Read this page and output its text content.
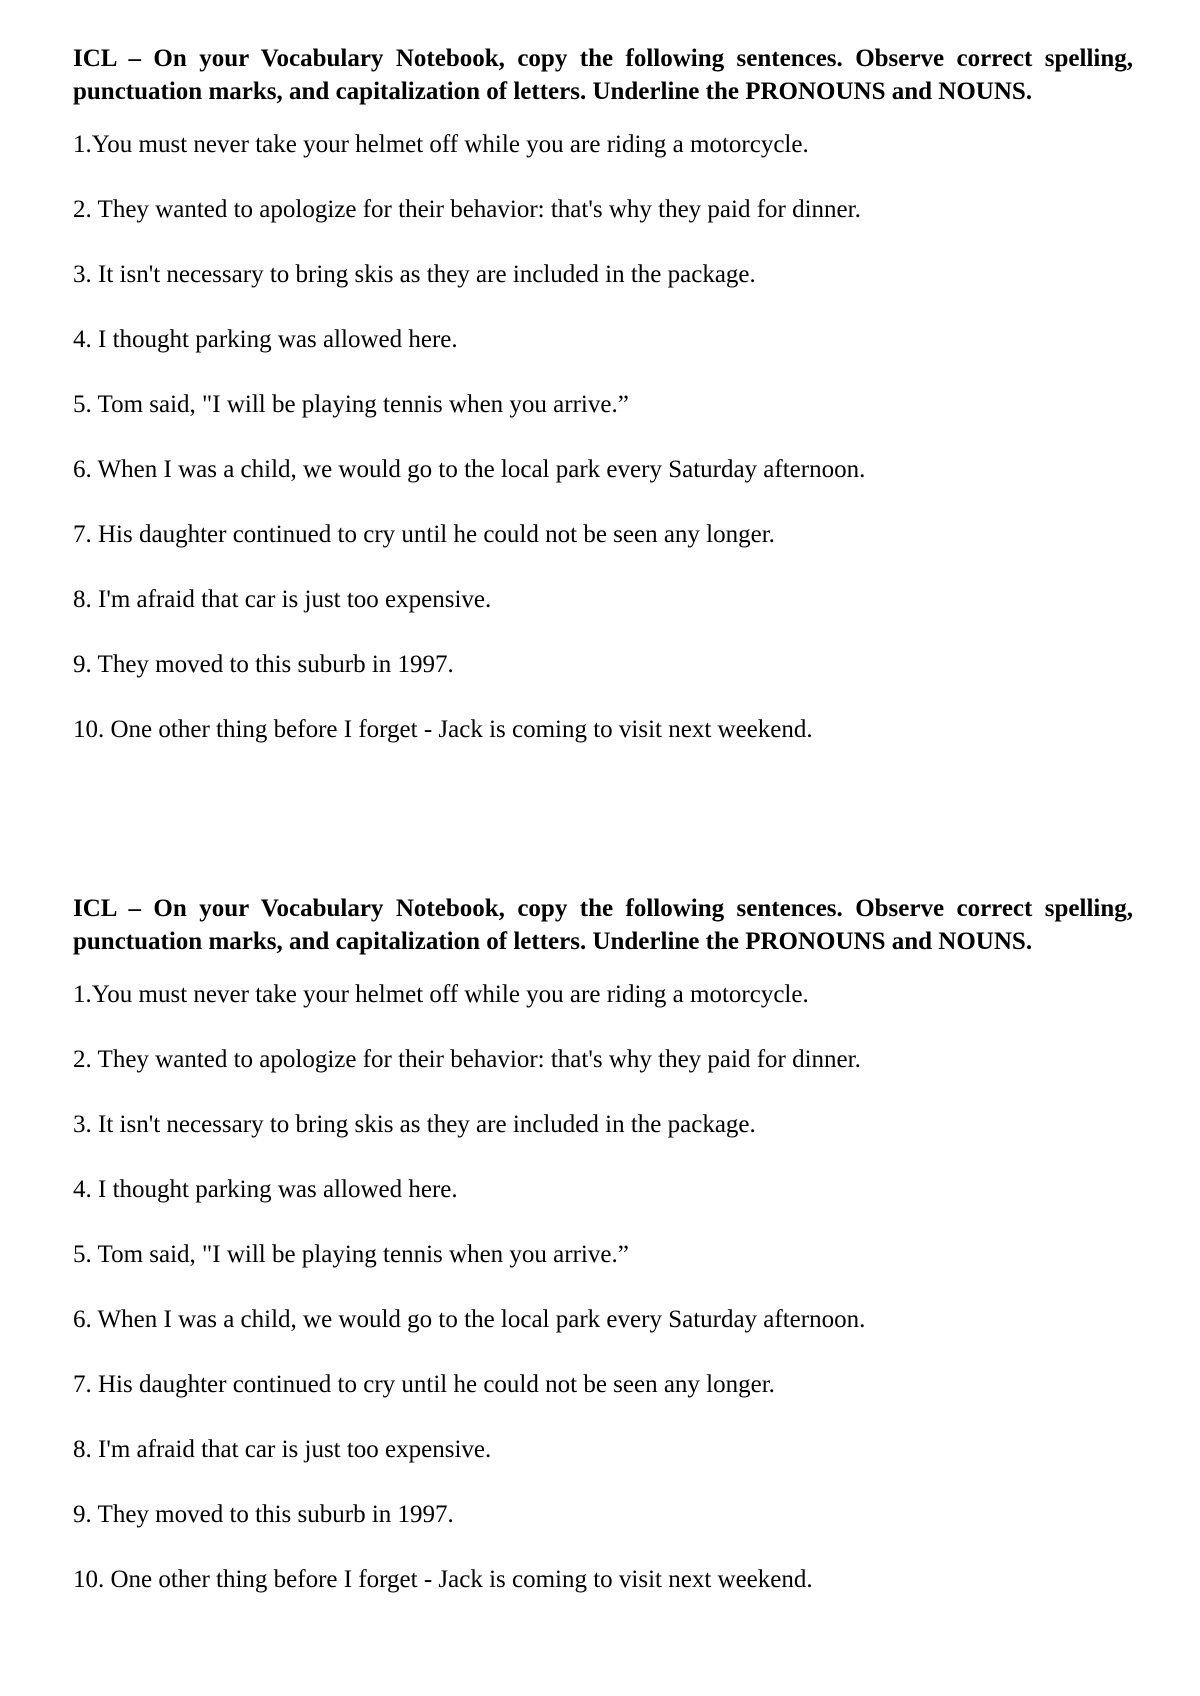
ICL – On your Vocabulary Notebook, copy the following sentences. Observe correct spelling, punctuation marks, and capitalization of letters. Underline the PRONOUNS and NOUNS.

1.You must never take your helmet off while you are riding a motorcycle.
2. They wanted to apologize for their behavior: that's why they paid for dinner.
3. It isn't necessary to bring skis as they are included in the package.
4. I thought parking was allowed here.
5. Tom said, "I will be playing tennis when you arrive.”
6. When I was a child, we would go to the local park every Saturday afternoon.
7. His daughter continued to cry until he could not be seen any longer.
8. I'm afraid that car is just too expensive.
9. They moved to this suburb in 1997.
10. One other thing before I forget - Jack is coming to visit next weekend.

ICL – On your Vocabulary Notebook, copy the following sentences. Observe correct spelling, punctuation marks, and capitalization of letters. Underline the PRONOUNS and NOUNS.

1.You must never take your helmet off while you are riding a motorcycle.
2. They wanted to apologize for their behavior: that's why they paid for dinner.
3. It isn't necessary to bring skis as they are included in the package.
4. I thought parking was allowed here.
5. Tom said, "I will be playing tennis when you arrive.”
6. When I was a child, we would go to the local park every Saturday afternoon.
7. His daughter continued to cry until he could not be seen any longer.
8. I'm afraid that car is just too expensive.
9. They moved to this suburb in 1997.
10. One other thing before I forget - Jack is coming to visit next weekend.
